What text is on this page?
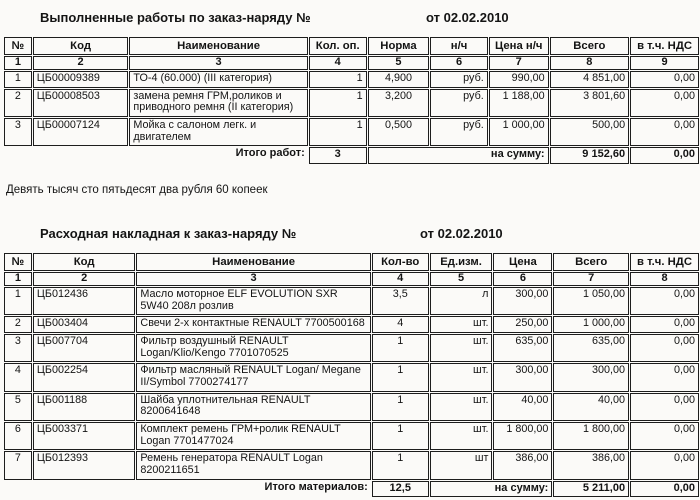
Выполненные работы по заказ-наряду №	от 02.02.2010
№	Код	Наименование	Кол. оп.	Норма	н/ч	Цена н/ч	Всего	в т.ч. НДС
1	2	3	4	5	6	7	8	9
1	ЦБ00009389	ТО-4 (60.000) (III категория)	1	4,900	руб.	990,00	4 851,00	0,00
2	ЦБ00008503	замена ремня ГРМ,роликов и приводного ремня (II категория)	1	3,200	руб.	1 188,00	3 801,60	0,00
3	ЦБ00007124	Мойка с салоном легк. и двигателем	1	0,500	руб.	1 000,00	500,00	0,00
Итого работ:			3	на сумму:			9 152,60	0,00
Девять тысяч сто пятьдесят два рубля 60 копеек
Расходная накладная к заказ-наряду №	от 02.02.2010
№	Код	Наименование	Кол-во	Ед.изм.	Цена	Всего	в т.ч. НДС
1	2	3	4	5	6	7	8
1	ЦБ012436	Масло моторное ELF EVOLUTION SXR 5W40 208л розлив	3,5	л	300,00	1 050,00	0,00
2	ЦБ003404	Свечи 2-х контактные RENAULT 7700500168	4	шт.	250,00	1 000,00	0,00
3	ЦБ007704	Фильтр воздушный RENAULT Logan/Klio/Kengo 7701070525	1	шт.	635,00	635,00	0,00
4	ЦБ002254	Фильтр масляный RENAULT Logan/ Megane II/Symbol 7700274177	1	шт.	300,00	300,00	0,00
5	ЦБ001188	Шайба уплотнительная RENAULT 8200641648	1	шт.	40,00	40,00	0,00
6	ЦБ003371	Комплект ремень ГРМ+ролик RENAULT Logan 7701477024	1	шт.	1 800,00	1 800,00	0,00
7	ЦБ012393	Ремень генератора RENAULT Logan 8200211651	1	шт	386,00	386,00	0,00
Итого материалов:			12,5	на сумму:		5 211,00	0,00
